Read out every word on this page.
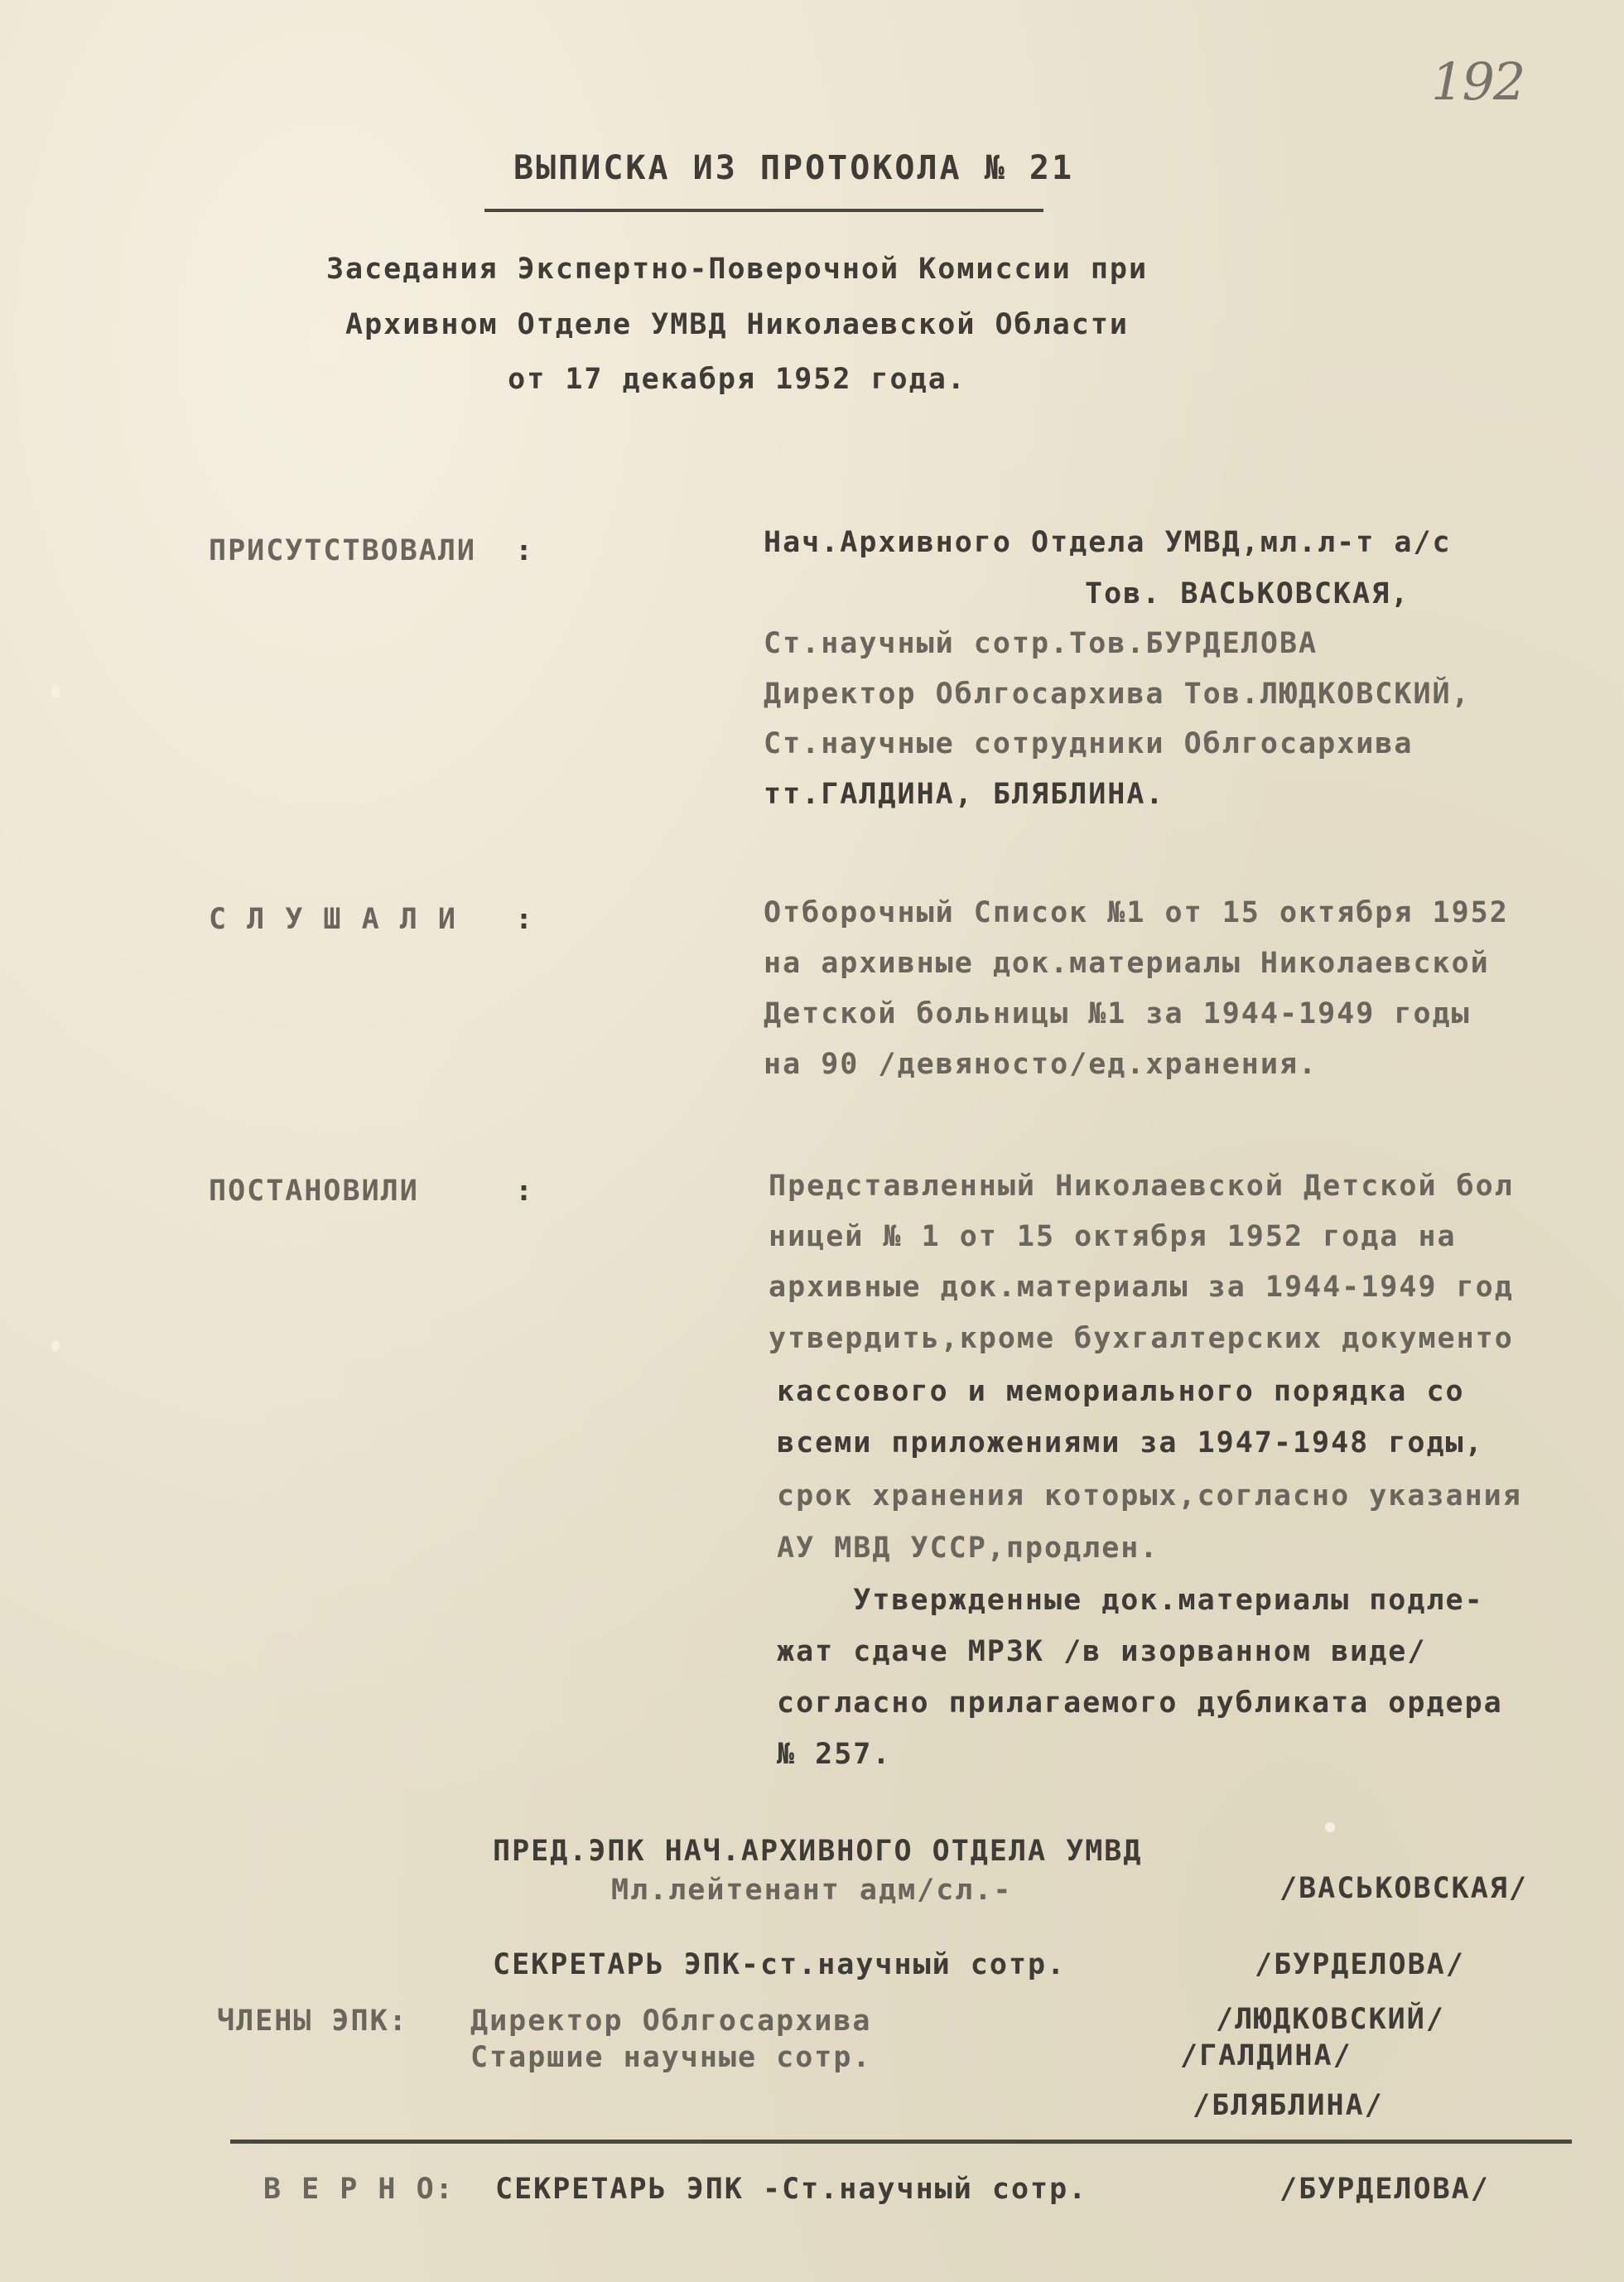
192
ВЫПИСКА ИЗ ПРОТОКОЛА № 21
Заседания Экспертно-Поверочной Комиссии при
Архивном Отделе УМВД Николаевской Области
от 17 декабря 1952 года.
ПРИСУТСТВОВАЛИ :	Нач.Архивного Отдела УМВД,мл.л-т а/с
Тов. ВАСЬКОВСКАЯ,
Ст.научный сотр.Тов.БУРДЕЛОВА
Директор Облгосархива Тов.ЛЮДКОВСКИЙ,
Ст.научные сотрудники Облгосархива
тт.ГАЛДИНА, БЛЯБЛИНА.
С Л У Ш А Л И :	Отборочный Список №1 от 15 октября 1952
на архивные док.материалы Николаевской
Детской больницы №1 за 1944-1949 годы
на 90 /девяносто/ед.хранения.
ПОСТАНОВИЛИ	:	Представленный Николаевской Детской бол
ницей № 1 от 15 октября 1952 года на
архивные док.материалы за 1944-1949 год
утвердить,кроме бухгалтерских документо
кассового и мемориального порядка со
всеми приложениями за 1947-1948 годы,
срок хранения которых,согласно указания
АУ МВД УССР,продлен.
Утвержденные док.материалы подле-
жат сдаче МРЗК /в изорванном виде/
согласно прилагаемого дубликата ордера
№ 257.
ПРЕД.ЭПК НАЧ.АРХИВНОГО ОТДЕЛА УМВД
Мл.лейтенант адм/сл.-	/ВАСЬКОВСКАЯ/
СЕКРЕТАРЬ ЭПК-ст.научный сотр.	/БУРДЕЛОВА/
ЧЛЕНЫ ЭПК: Директор Облгосархива	/ЛЮДКОВСКИЙ/
Старшие научные сотр.	/ГАЛДИНА/
/БЛЯБЛИНА/
В Е Р Н О: СЕКРЕТАРЬ ЭПК -Ст.научный сотр.	/БУРДЕЛОВА/
